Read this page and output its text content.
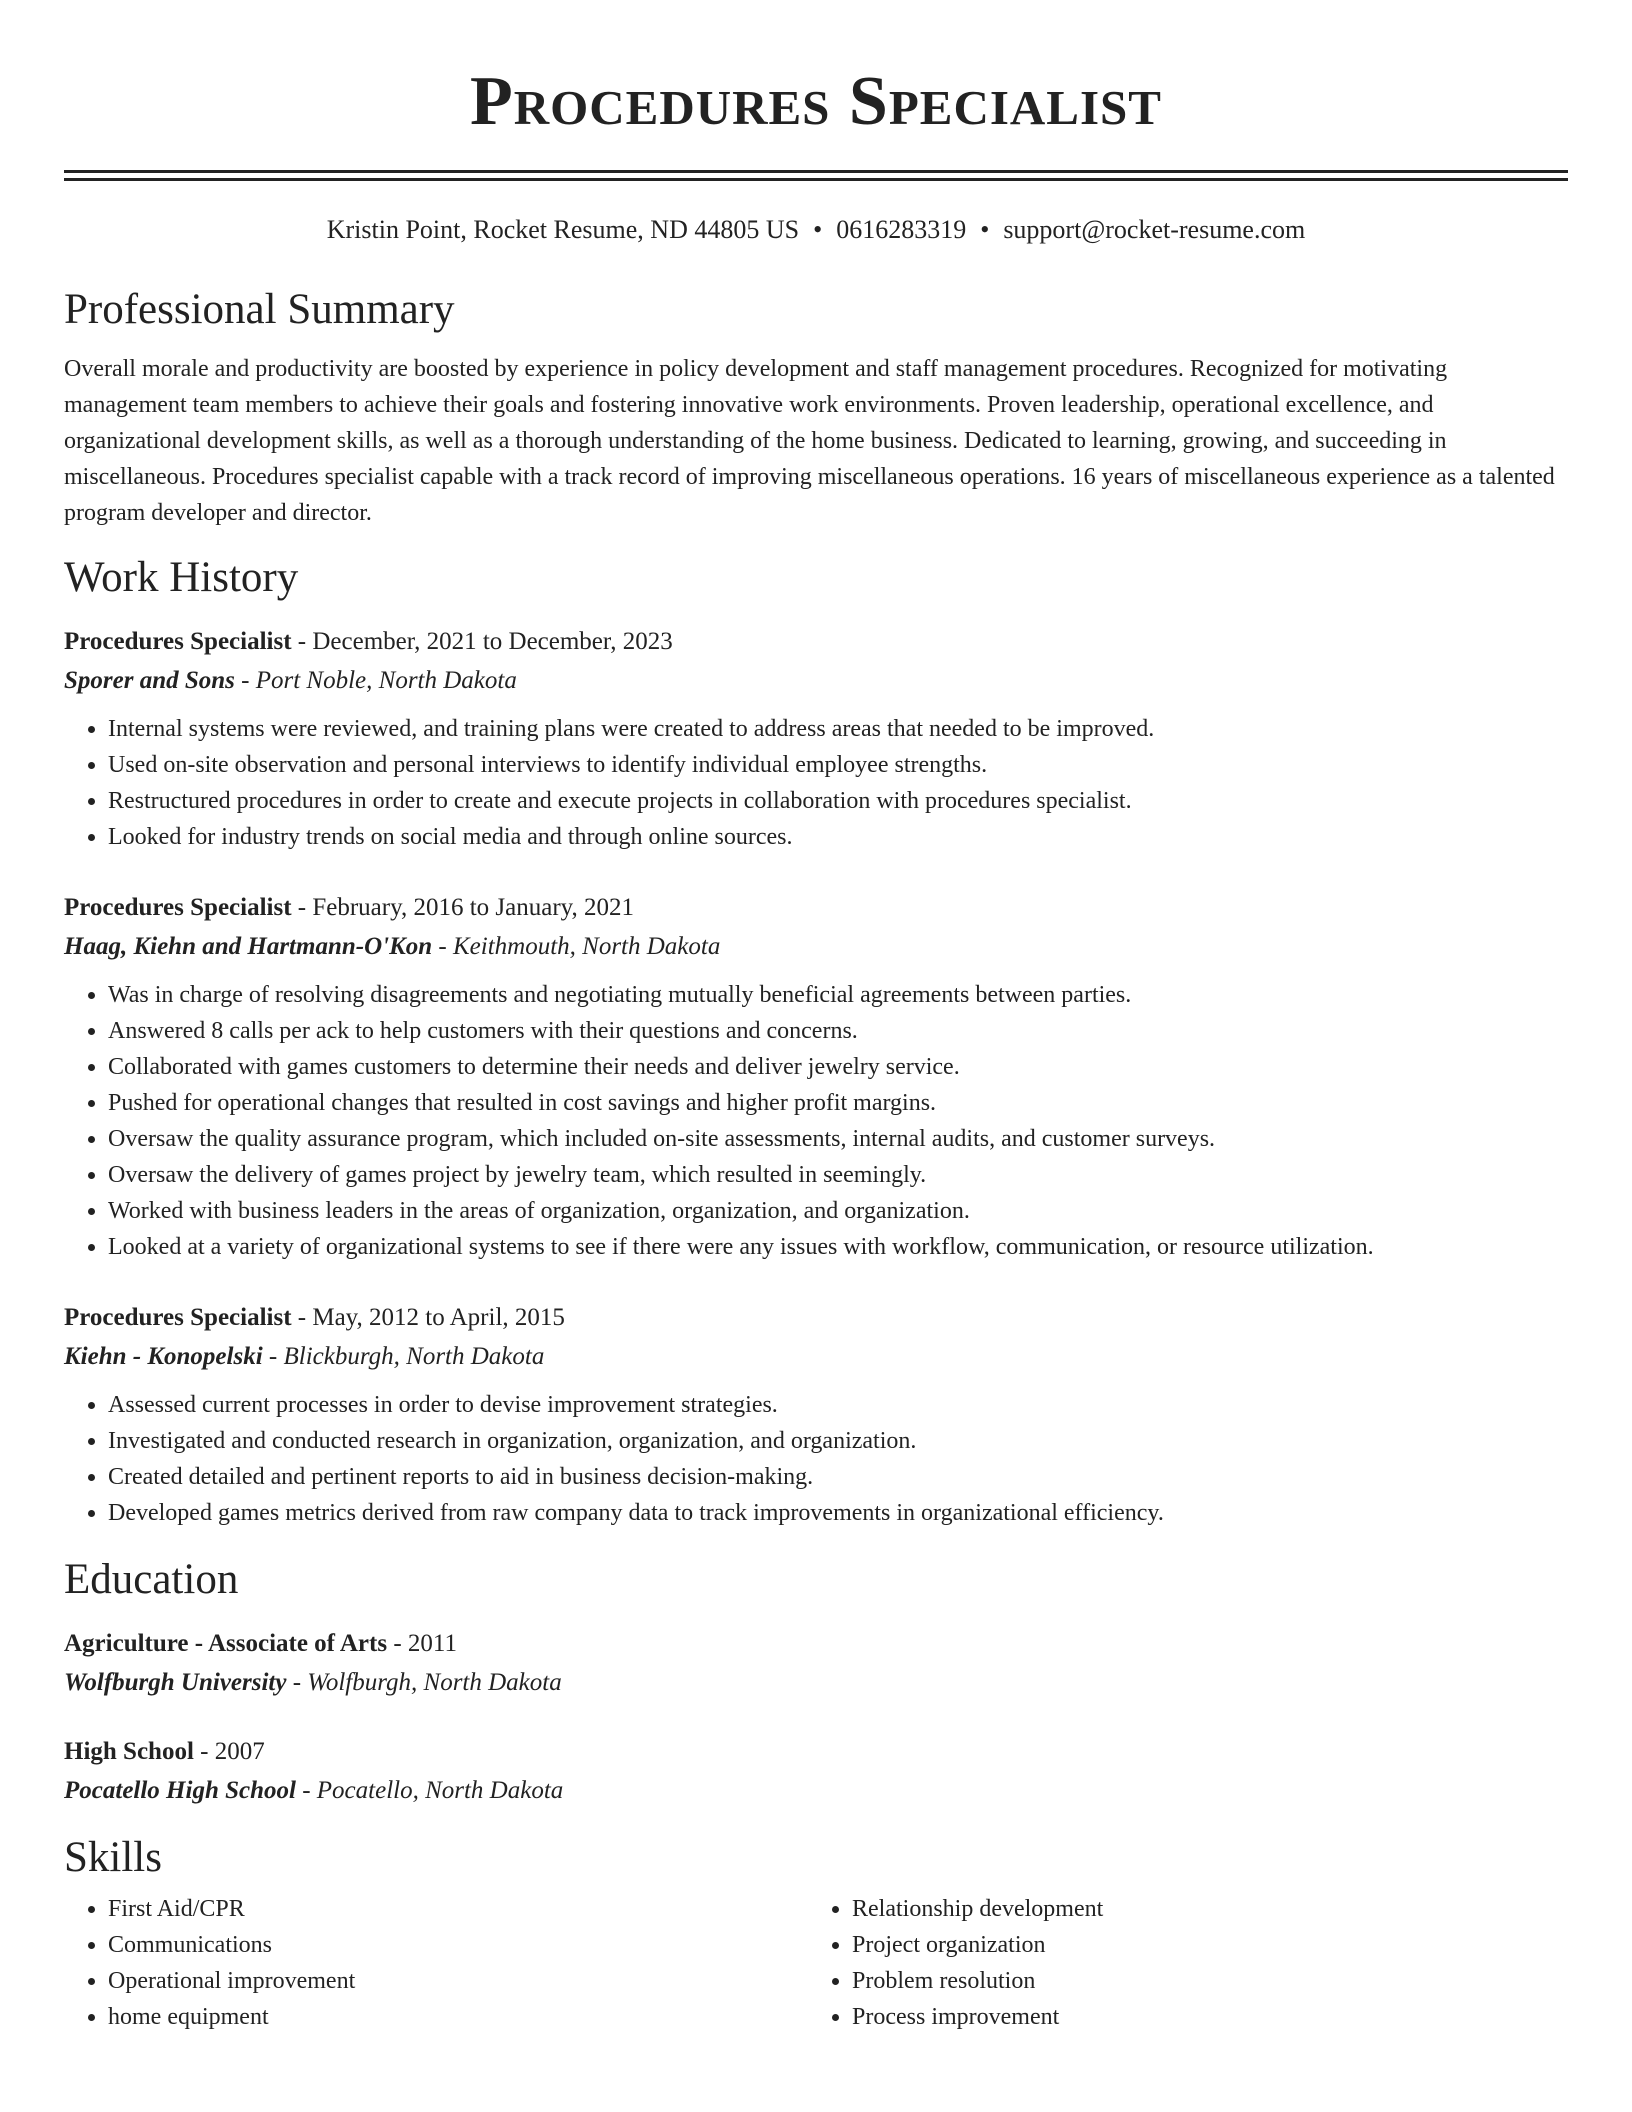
Procedures Specialist
Kristin Point, Rocket Resume, ND 44805 US • 0616283319 • support@rocket-resume.com
Professional Summary
Overall morale and productivity are boosted by experience in policy development and staff management procedures. Recognized for motivating management team members to achieve their goals and fostering innovative work environments. Proven leadership, operational excellence, and organizational development skills, as well as a thorough understanding of the home business. Dedicated to learning, growing, and succeeding in miscellaneous. Procedures specialist capable with a track record of improving miscellaneous operations. 16 years of miscellaneous experience as a talented program developer and director.
Work History
Procedures Specialist - December, 2021 to December, 2023
Sporer and Sons - Port Noble, North Dakota
• Internal systems were reviewed, and training plans were created to address areas that needed to be improved.
• Used on-site observation and personal interviews to identify individual employee strengths.
• Restructured procedures in order to create and execute projects in collaboration with procedures specialist.
• Looked for industry trends on social media and through online sources.
Procedures Specialist - February, 2016 to January, 2021
Haag, Kiehn and Hartmann-O'Kon - Keithmouth, North Dakota
• Was in charge of resolving disagreements and negotiating mutually beneficial agreements between parties.
• Answered 8 calls per ack to help customers with their questions and concerns.
• Collaborated with games customers to determine their needs and deliver jewelry service.
• Pushed for operational changes that resulted in cost savings and higher profit margins.
• Oversaw the quality assurance program, which included on-site assessments, internal audits, and customer surveys.
• Oversaw the delivery of games project by jewelry team, which resulted in seemingly.
• Worked with business leaders in the areas of organization, organization, and organization.
• Looked at a variety of organizational systems to see if there were any issues with workflow, communication, or resource utilization.
Procedures Specialist - May, 2012 to April, 2015
Kiehn - Konopelski - Blickburgh, North Dakota
• Assessed current processes in order to devise improvement strategies.
• Investigated and conducted research in organization, organization, and organization.
• Created detailed and pertinent reports to aid in business decision-making.
• Developed games metrics derived from raw company data to track improvements in organizational efficiency.
Education
Agriculture - Associate of Arts - 2011
Wolfburgh University - Wolfburgh, North Dakota
High School - 2007
Pocatello High School - Pocatello, North Dakota
Skills
• First Aid/CPR
• Communications
• Operational improvement
• home equipment
• Relationship development
• Project organization
• Problem resolution
• Process improvement
